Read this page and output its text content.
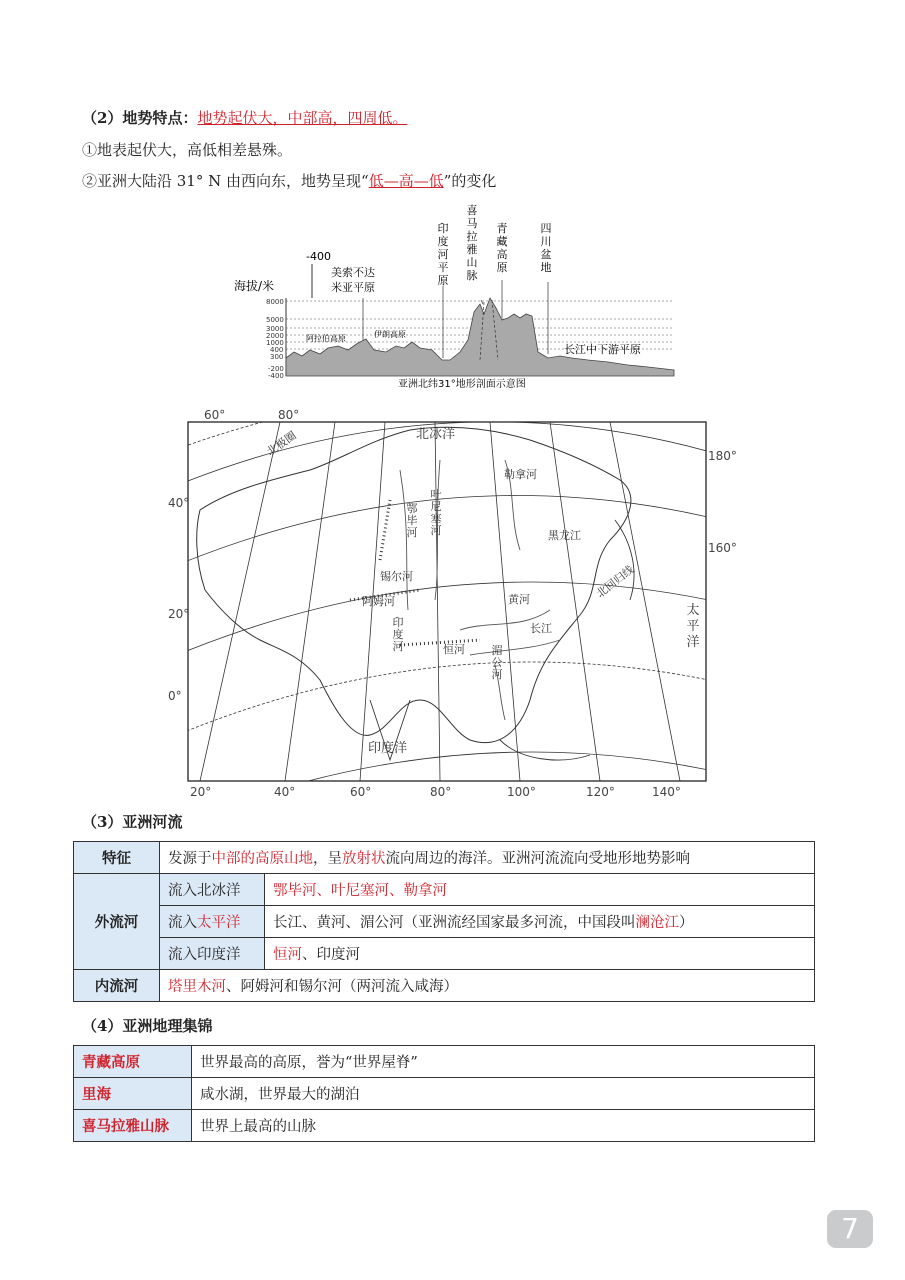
（2）地势特点：地势起伏大，中部高，四周低。
①地表起伏大，高低相差悬殊。
②亚洲大陆沿 31° N 由西向东，地势呈现“低—高—低”的变化
-400
海拔/米
8000
5000
3000
2000
1000
400
300
-200
-400
美索不达
米亚平原
印
度
河
平
原
喜
马
拉
雅
山
脉
青
藏
高
原
四
川
盆
地
阿拉伯高原	伊朗高原
长江中下游平原
亚洲北纬31°地形剖面示意图
60°	80°
40°
20°
0°
180°
160°
20°	40°	60°	80°	100°	120°	140°
北冰洋
北极圈
勒拿河
黑龙江
锡尔河
阿姆河	黄河
长江
恒河
北回归线
印度洋
叶
尼
塞
河
鄂
毕
河
印
度
河	湄
公
河
太
平
洋
（3）亚洲河流
特征	发源于中部的高原山地，呈放射状流向周边的海洋。亚洲河流流向受地形地势影响	
外流河	流入北冰洋	鄂毕河、叶尼塞河、勒拿河
	流入太平洋	长江、黄河、湄公河（亚洲流经国家最多河流，中国段叫澜沧江）
	流入印度洋	恒河、印度河
内流河	塔里木河、阿姆河和锡尔河（两河流入咸海）	
（4）亚洲地理集锦
青藏高原	世界最高的高原，誉为“世界屋脊”
里海	咸水湖，世界最大的湖泊
喜马拉雅山脉	世界上最高的山脉
7
